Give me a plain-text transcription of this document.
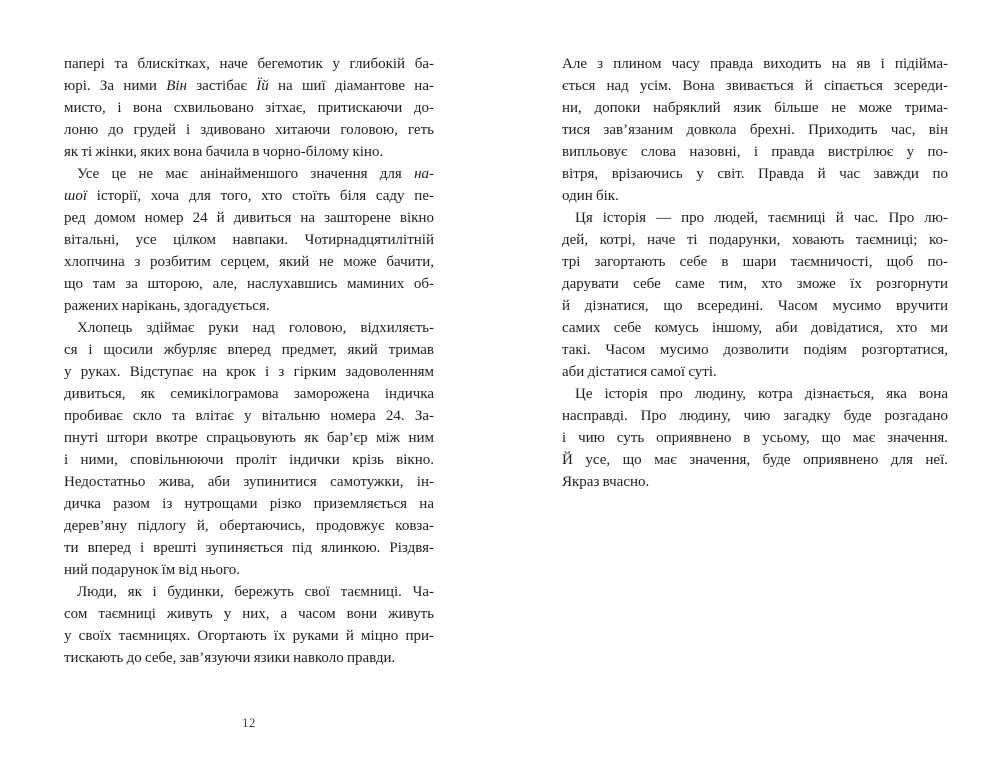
папері та блискітках, наче бегемотик у глибокій ба-
юрі. За ними Він застібає Їй на шиї діамантове на-
мисто, і вона схвильовано зітхає, притискаючи до-
лоню до грудей і здивовано хитаючи головою, геть
як ті жінки, яких вона бачила в чорно-білому кіно.
Усе це не має анінайменшого значення для на-
шої історії, хоча для того, хто стоїть біля саду пе-
ред домом номер 24 й дивиться на зашторене вікно
вітальні, усе цілком навпаки. Чотирнадцятилітній
хлопчина з розбитим серцем, який не може бачити,
що там за шторою, але, наслухавшись маминих об-
ражених нарікань, здогадується.
Хлопець здіймає руки над головою, відхиляєть-
ся і щосили жбурляє вперед предмет, який тримав
у руках. Відступає на крок і з гірким задоволенням
дивиться, як семикілограмова заморожена індичка
пробиває скло та влітає у вітальню номера 24. За-
пнуті штори вкотре спрацьовують як бар’єр між ним
і ними, сповільнюючи проліт індички крізь вікно.
Недостатньо жива, аби зупинитися самотужки, ін-
дичка разом із нутрощами різко приземляється на
дерев’яну підлогу й, обертаючись, продовжує ковза-
ти вперед і врешті зупиняється під ялинкою. Різдвя-
ний подарунок їм від нього.
Люди, як і будинки, бережуть свої таємниці. Ча-
сом таємниці живуть у них, а часом вони живуть
у своїх таємницях. Огортають їх руками й міцно при-
тискають до себе, зав’язуючи язики навколо правди.
12
Але з плином часу правда виходить на яв і підійма-
ється над усім. Вона звивається й сіпається зсереди-
ни, допоки набряклий язик більше не може трима-
тися зав’язаним довкола брехні. Приходить час, він
випльовує слова назовні, і правда вистрілює у по-
вітря, врізаючись у світ. Правда й час завжди по
один бік.
Ця історія — про людей, таємниці й час. Про лю-
дей, котрі, наче ті подарунки, ховають таємниці; ко-
трі загортають себе в шари таємничості, щоб по-
дарувати себе саме тим, хто зможе їх розгорнути
й дізнатися, що всередині. Часом мусимо вручити
самих себе комусь іншому, аби довідатися, хто ми
такі. Часом мусимо дозволити подіям розгортатися,
аби дістатися самої суті.
Це історія про людину, котра дізнається, яка вона
насправді. Про людину, чию загадку буде розгадано
і чию суть оприявнено в усьому, що має значення.
Й усе, що має значення, буде оприявнено для неї.
Якраз вчасно.
